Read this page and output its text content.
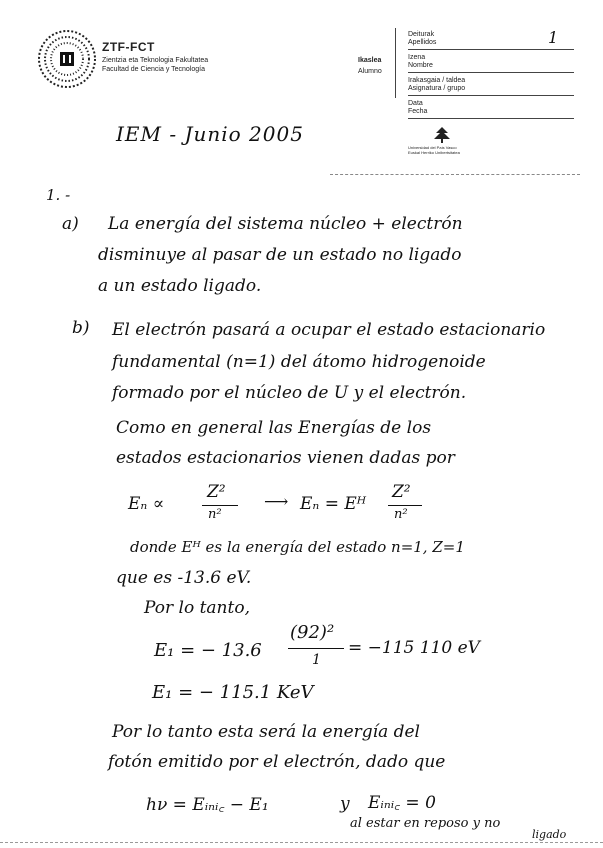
ZTF-FCT
Zientzia eta Teknologia Fakultatea
Facultad de Ciencia y Tecnología
Ikaslea
Alumno
Deiturak
Apellidos
Izena
Nombre
Irakasgaia / taldea
Asignatura / grupo
Data
Fecha
1
Universidad del País Vasco
Euskal Herriko Unibertsitatea
IEM - Junio 2005
1. -
a) La energía del sistema núcleo + electrón
disminuye al pasar de un estado no ligado
a un estado ligado.
b) El electrón pasará a ocupar el estado estacionario
fundamental (n=1) del átomo hidrogenoide
formado por el núcleo de U y el electrón.
Como en general las Energías de los
estados estacionarios vienen dadas por
Eₙ ∝
Z²
n²
⟶ Eₙ = Eᴴ
Z²
n²
donde Eᴴ es la energía del estado n=1, Z=1
que es -13.6 eV.
Por lo tanto,
E₁ = − 13.6
(92)²
1
= −115 110 eV
E₁ = − 115.1 KeV
Por lo tanto esta será la energía del
fotón emitido por el electrón, dado que
hν = Eᵢₙᵢ꜀ − E₁	y Eᵢₙᵢ꜀ = 0
al estar en reposo y no
ligado
